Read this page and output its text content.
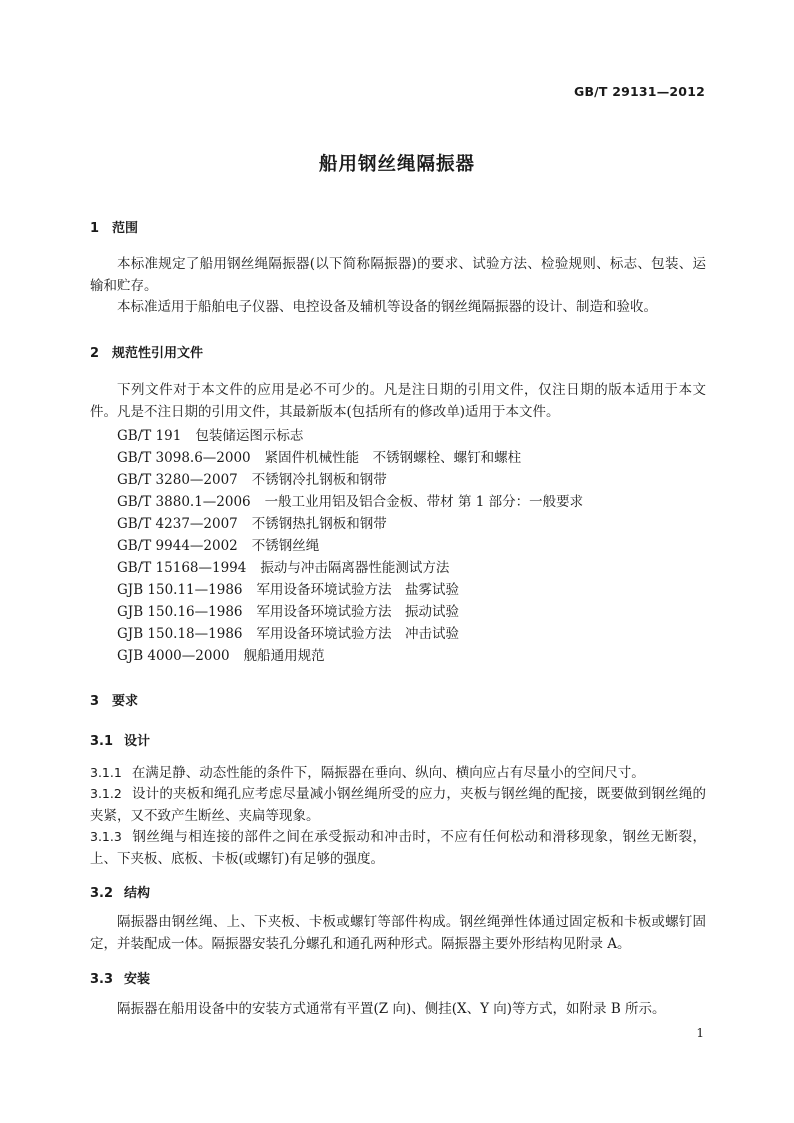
GB/T 29131—2012
船用钢丝绳隔振器
1 范围

本标准规定了船用钢丝绳隔振器(以下简称隔振器)的要求、试验方法、检验规则、标志、包装、运输和贮存。

本标准适用于船舶电子仪器、电控设备及辅机等设备的钢丝绳隔振器的设计、制造和验收。

2 规范性引用文件

下列文件对于本文件的应用是必不可少的。凡是注日期的引用文件，仅注日期的版本适用于本文件。凡是不注日期的引用文件，其最新版本(包括所有的修改单)适用于本文件。

GB/T 191 包装储运图示标志
GB/T 3098.6—2000 紧固件机械性能　不锈钢螺栓、螺钉和螺柱
GB/T 3280—2007 不锈钢冷扎钢板和钢带
GB/T 3880.1—2006 一般工业用铝及铝合金板、带材 第 1 部分：一般要求
GB/T 4237—2007 不锈钢热扎钢板和钢带
GB/T 9944—2002 不锈钢丝绳
GB/T 15168—1994 振动与冲击隔离器性能测试方法
GJB 150.11—1986 军用设备环境试验方法　盐雾试验
GJB 150.16—1986 军用设备环境试验方法　振动试验
GJB 150.18—1986 军用设备环境试验方法　冲击试验
GJB 4000—2000 舰船通用规范
3 要求
3.1 设计

3.1.1 在满足静、动态性能的条件下，隔振器在垂向、纵向、横向应占有尽量小的空间尺寸。

3.1.2 设计的夹板和绳孔应考虑尽量减小钢丝绳所受的应力，夹板与钢丝绳的配接，既要做到钢丝绳的夹紧，又不致产生断丝、夹扁等现象。

3.1.3 钢丝绳与相连接的部件之间在承受振动和冲击时，不应有任何松动和滑移现象，钢丝无断裂，上、下夹板、底板、卡板(或螺钉)有足够的强度。

3.2 结构

隔振器由钢丝绳、上、下夹板、卡板或螺钉等部件构成。钢丝绳弹性体通过固定板和卡板或螺钉固定，并装配成一体。隔振器安装孔分螺孔和通孔两种形式。隔振器主要外形结构见附录 A。

3.3 安装

隔振器在船用设备中的安装方式通常有平置(Z 向)、侧挂(X、Y 向)等方式，如附录 B 所示。

1
